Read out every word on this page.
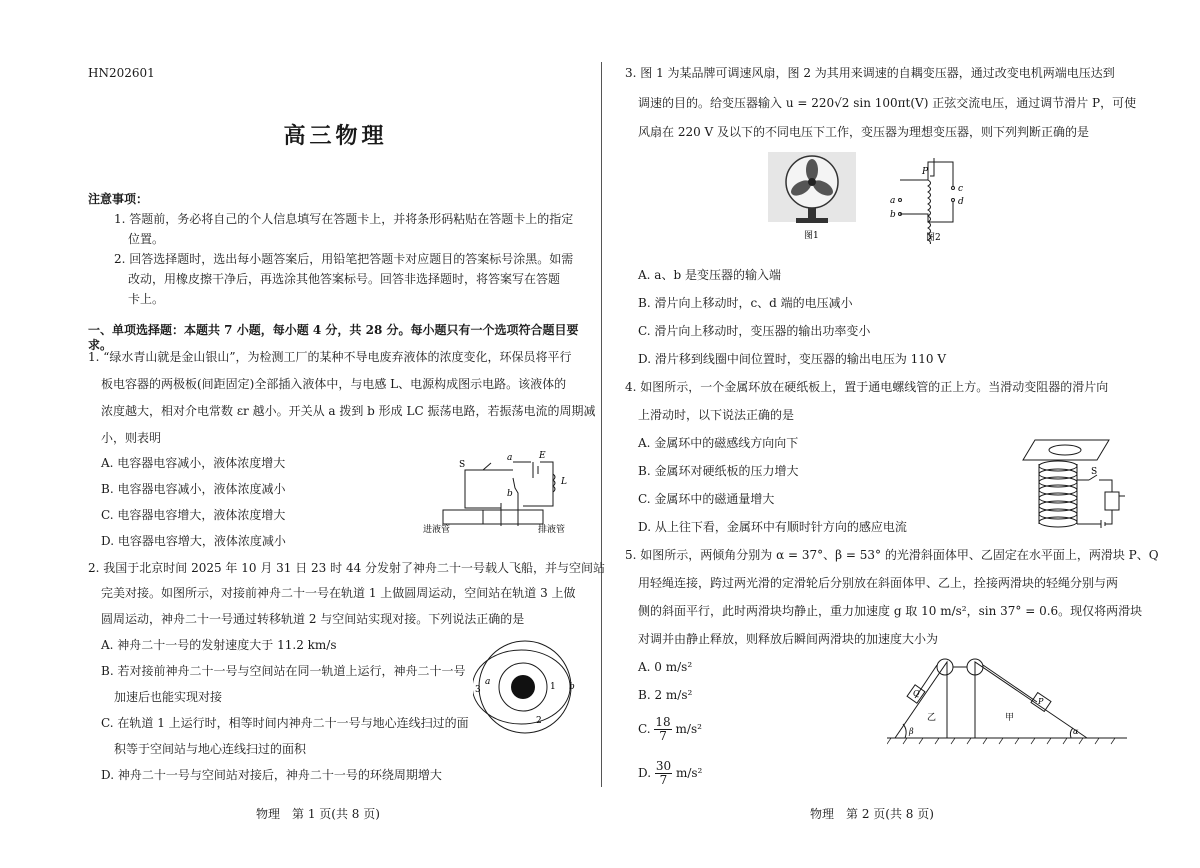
HN202601
高三物理
注意事项：
1. 答题前，务必将自己的个人信息填写在答题卡上，并将条形码粘贴在答题卡上的指定
位置。
2. 回答选择题时，选出每小题答案后，用铅笔把答题卡对应题目的答案标号涂黑。如需
改动，用橡皮擦干净后，再选涂其他答案标号。回答非选择题时，将答案写在答题
卡上。
一、单项选择题：本题共 7 小题，每小题 4 分，共 28 分。每小题只有一个选项符合题目要求。
1. “绿水青山就是金山银山”，为检测工厂的某种不导电废弃液体的浓度变化，环保员将平行
板电容器的两极板(间距固定)全部插入液体中，与电感 L、电源构成图示电路。该液体的
浓度越大，相对介电常数 εr 越小。开关从 a 拨到 b 形成 LC 振荡电路，若振荡电流的周期减
小，则表明
A. 电容器电容减小，液体浓度增大
B. 电容器电容减小，液体浓度减小
C. 电容器电容增大，液体浓度增大
D. 电容器电容增大，液体浓度减小
S
a	E
L
b
进液管	排液管
2. 我国于北京时间 2025 年 10 月 31 日 23 时 44 分发射了神舟二十一号载人飞船，并与空间站
完美对接。如图所示，对接前神舟二十一号在轨道 1 上做圆周运动，空间站在轨道 3 上做
圆周运动，神舟二十一号通过转移轨道 2 与空间站实现对接。下列说法正确的是
A. 神舟二十一号的发射速度大于 11.2 km/s
B. 若对接前神舟二十一号与空间站在同一轨道上运行，神舟二十一号
加速后也能实现对接
C. 在轨道 1 上运行时，相等时间内神舟二十一号与地心连线扫过的面
积等于空间站与地心连线扫过的面积
D. 神舟二十一号与空间站对接后，神舟二十一号的环绕周期增大
b
a	1
2
3
物理　第 1 页(共 8 页)
3. 图 1 为某品牌可调速风扇，图 2 为其用来调速的自耦变压器，通过改变电机两端电压达到
调速的目的。给变压器输入 u = 220√2 sin 100πt(V) 正弦交流电压，通过调节滑片 P，可使
风扇在 220 V 及以下的不同电压下工作，变压器为理想变压器，则下列判断正确的是
图1
P
a
b
c
d
图2
A. a、b 是变压器的输入端
B. 滑片向上移动时，c、d 端的电压减小
C. 滑片向上移动时，变压器的输出功率变小
D. 滑片移到线圈中间位置时，变压器的输出电压为 110 V
4. 如图所示，一个金属环放在硬纸板上，置于通电螺线管的正上方。当滑动变阻器的滑片向
上滑动时，以下说法正确的是
A. 金属环中的磁感线方向向下
B. 金属环对硬纸板的压力增大
C. 金属环中的磁通量增大
D. 从上往下看，金属环中有顺时针方向的感应电流
S
5. 如图所示，两倾角分别为 α = 37°、β = 53° 的光滑斜面体甲、乙固定在水平面上，两滑块 P、Q
用轻绳连接，跨过两光滑的定滑轮后分别放在斜面体甲、乙上，拴接两滑块的轻绳分别与两
侧的斜面平行，此时两滑块均静止，重力加速度 g 取 10 m/s²，sin 37° = 0.6。现仅将两滑块
对调并由静止释放，则释放后瞬间两滑块的加速度大小为
A. 0 m/s²
B. 2 m/s²
C. $\frac{18}{7} m/s^2$
D. $\frac{30}{7} m/s^2$
Q
P
乙	甲
β	α
物理　第 2 页(共 8 页)
